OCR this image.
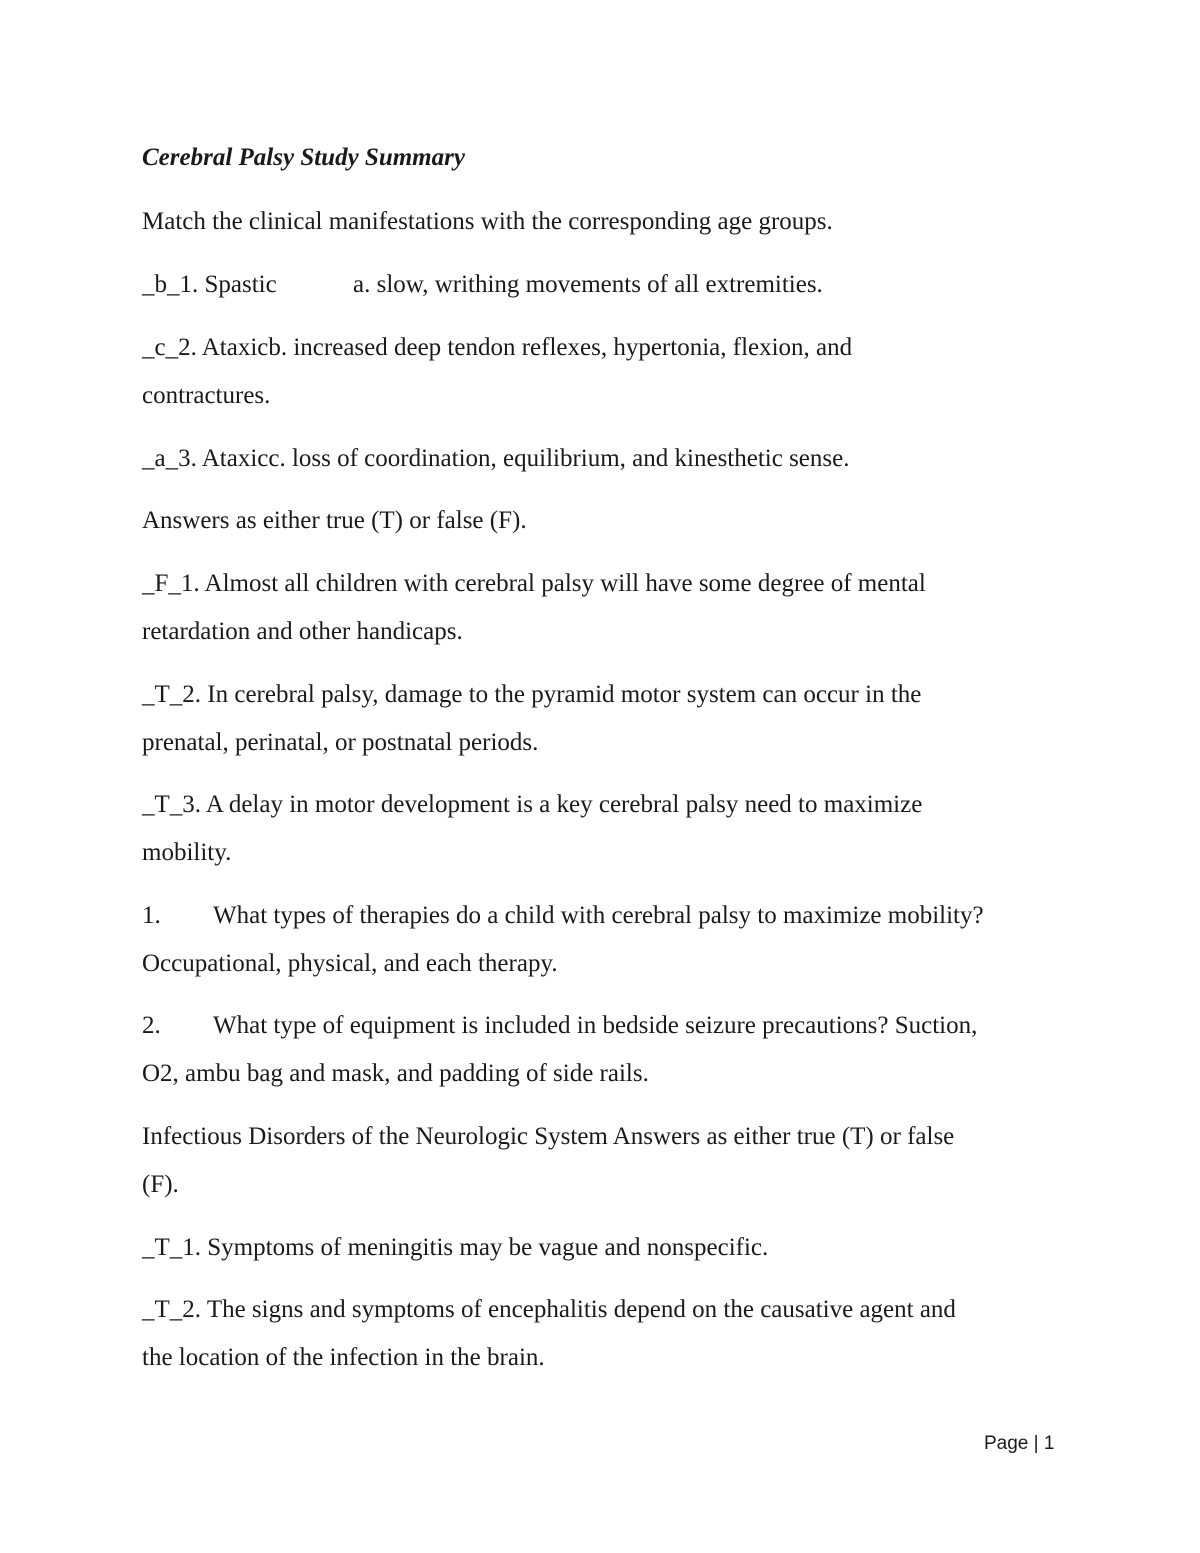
Cerebral Palsy Study Summary
Match the clinical manifestations with the corresponding age groups.
_b_1. Spastic	a. slow, writhing movements of all extremities.
_c_2. Ataxicb. increased deep tendon reflexes, hypertonia, flexion, and
contractures.
_a_3. Ataxicc. loss of coordination, equilibrium, and kinesthetic sense.
Answers as either true (T) or false (F).
_F_1. Almost all children with cerebral palsy will have some degree of mental
retardation and other handicaps.
_T_2. In cerebral palsy, damage to the pyramid motor system can occur in the
prenatal, perinatal, or postnatal periods.
_T_3. A delay in motor development is a key cerebral palsy need to maximize
mobility.
1. What types of therapies do a child with cerebral palsy to maximize mobility?
Occupational, physical, and each therapy.
2. What type of equipment is included in bedside seizure precautions? Suction,
O2, ambu bag and mask, and padding of side rails.
Infectious Disorders of the Neurologic System Answers as either true (T) or false
(F).
_T_1. Symptoms of meningitis may be vague and nonspecific.
_T_2. The signs and symptoms of encephalitis depend on the causative agent and
the location of the infection in the brain.
Page | 1
